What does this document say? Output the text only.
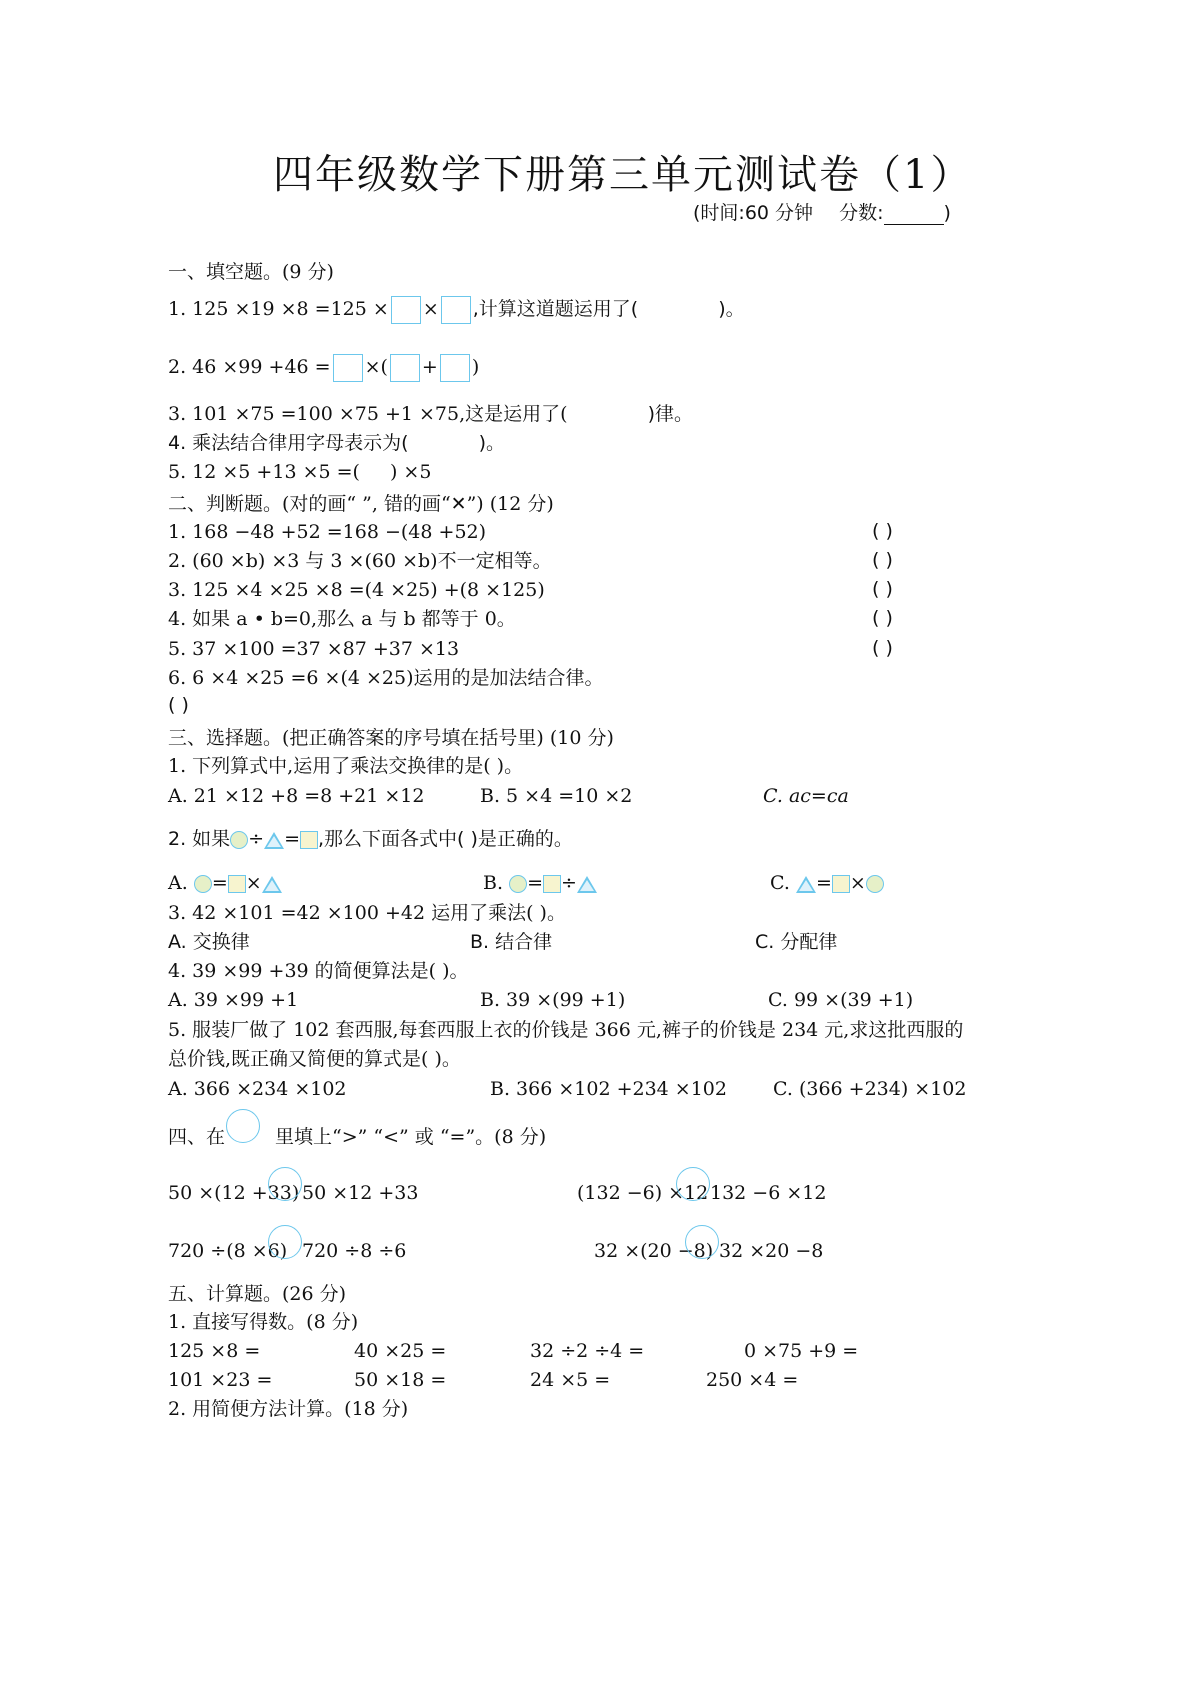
四年级数学下册第三单元测试卷（1）
(时间:60 分钟 分数:	)
一、填空题。(9 分)
1. 125 ×19 ×8 =125 × × ,计算这道题运用了(	)。
2. 46 ×99 +46 = ×( + )
3. 101 ×75 =100 ×75 +1 ×75,这是运用了(	)律。
4. 乘法结合律用字母表示为(	)。
5. 12 ×5 +13 ×5 =( ) ×5
二、判断题。(对的画“ ”, 错的画“✕”) (12 分)
1. 168 −48 +52 =168 −(48 +52)	( )
2. (60 ×b) ×3 与 3 ×(60 ×b)不一定相等。	( )
3. 125 ×4 ×25 ×8 =(4 ×25) +(8 ×125)	( )
4. 如果 a • b=0,那么 a 与 b 都等于 0。	( )
5. 37 ×100 =37 ×87 +37 ×13	( )
6. 6 ×4 ×25 =6 ×(4 ×25)运用的是加法结合律。
( )
三、选择题。(把正确答案的序号填在括号里) (10 分)
1. 下列算式中,运用了乘法交换律的是( )。
A. 21 ×12 +8 =8 +21 ×12	B. 5 ×4 =10 ×2	C. ac=ca
2. 如果 ÷ = ,那么下面各式中( )是正确的。
A. = ×	B. = ÷	C. = ×
3. 42 ×101 =42 ×100 +42 运用了乘法( )。
A. 交换律	B. 结合律	C. 分配律
4. 39 ×99 +39 的简便算法是( )。
A. 39 ×99 +1	B. 39 ×(99 +1)	C. 99 ×(39 +1)
5. 服装厂做了 102 套西服,每套西服上衣的价钱是 366 元,裤子的价钱是 234 元,求这批西服的
总价钱,既正确又简便的算式是( )。
A. 366 ×234 ×102	B. 366 ×102 +234 ×102 C. (366 +234) ×102
四、在	里填上“>” “<” 或 “=”。(8 分)
50 ×(12 +33) 50 ×12 +33	(132 −6) ×12 132 −6 ×12
720 ÷(8 ×6) 720 ÷8 ÷6	32 ×(20 −8) 32 ×20 −8
五、计算题。(26 分)
1. 直接写得数。(8 分)
125 ×8 =	40 ×25 =	32 ÷2 ÷4 =	0 ×75 +9 =
101 ×23 =	50 ×18 =	24 ×5 =	250 ×4 =
2. 用简便方法计算。(18 分)
